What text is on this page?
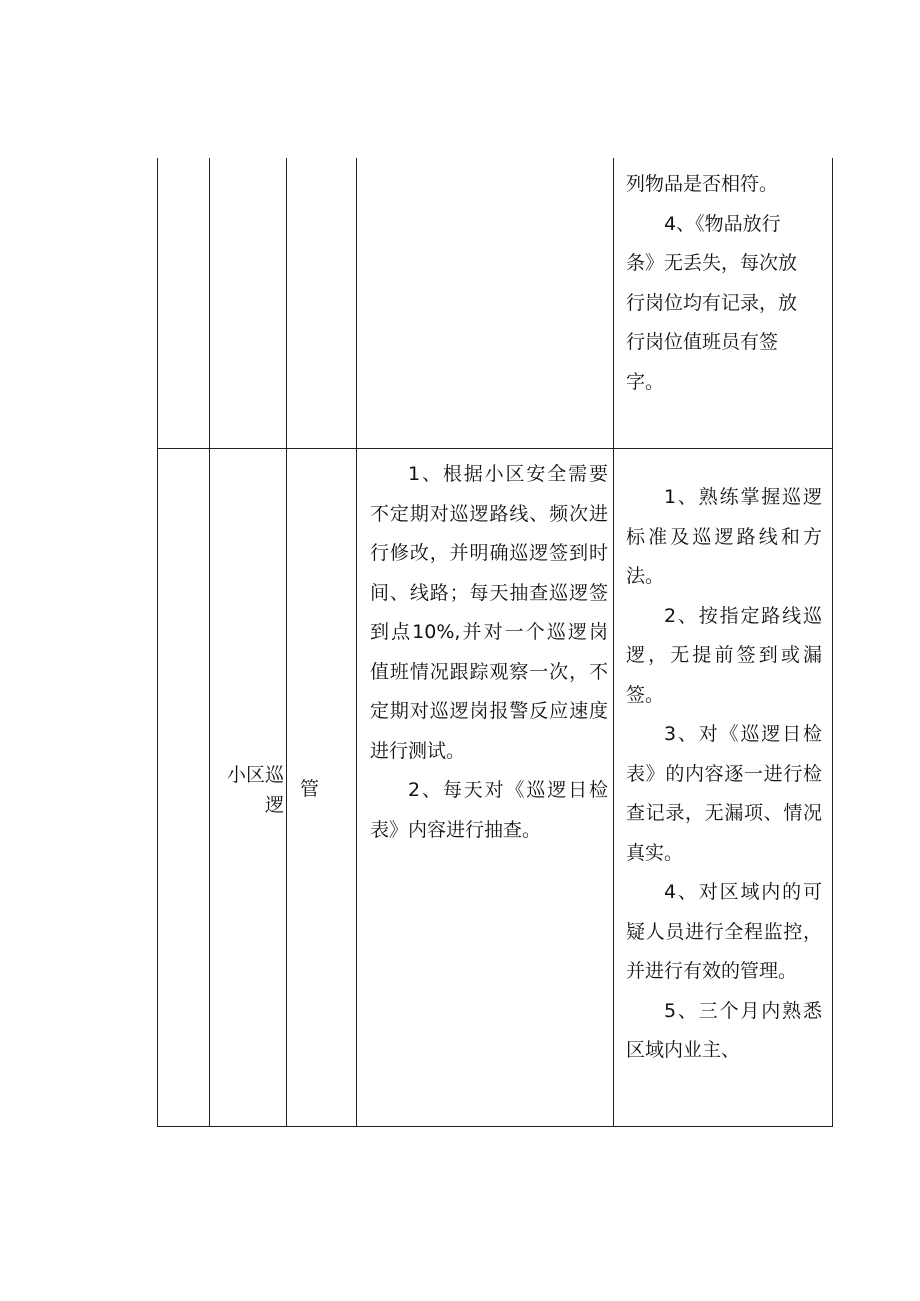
列物品是否相符。
4、《物品放行
条》无丢失，每次放
行岗位均有记录，放
行岗位值班员有签
字。
小区巡
逻
管

1、根据小区安全需要不定期对巡逻路线、频次进行修改，并明确巡逻签到时间、线路；每天抽查巡逻签到点10%,并对一个巡逻岗值班情况跟踪观察一次，不定期对巡逻岗报警反应速度进行测试。

2、每天对《巡逻日检表》内容进行抽查。

1、熟练掌握巡逻标准及巡逻路线和方法。

2、按指定路线巡逻，无提前签到或漏签。

3、对《巡逻日检表》的内容逐一进行检查记录，无漏项、情况真实。

4、对区域内的可疑人员进行全程监控，并进行有效的管理。

5、三个月内熟悉区域内业主、
